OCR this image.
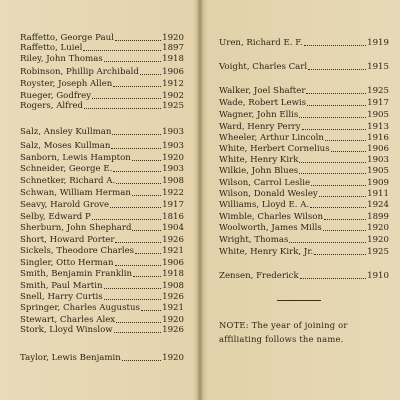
Raffetto, George Paul	1920
Raffetto, Luiel	1897
Riley, John Thomas	1918
Robinson, Phillip Archibald	1906
Royster, Joseph Allen	1912
Rueger, Godfrey	1902
Rogers, Alfred	1925
Salz, Ansley Kullman	1903
Salz, Moses Kullman	1903
Sanborn, Lewis Hampton	1920
Schneider, George E.	1903
Schnetker, Richard A.	1908
Schwan, William Herman	1922
Seavy, Harold Grove	1917
Selby, Edward P	1816
Sherburn, John Shephard	1904
Short, Howard Porter	1926
Sickels, Theodore Charles	1921
Singler, Otto Herman	1906
Smith, Benjamin Franklin	1918
Smith, Paul Martin	1908
Snell, Harry Curtis	1926
Springer, Charles Augustus	1921
Stewart, Charles Alex	1920
Stork, Lloyd Winslow	1926
Taylor, Lewis Benjamin	1920
NOTE: The year of joining or affiliating follows the name.
Uren, Richard E. F.	1919
Voight, Charles Carl	1915
Walker, Joel Shafter	1925
Wade, Robert Lewis	1917
Wagner, John Ellis	1905
Ward, Henry Perry	1913
Wheeler, Arthur Lincoln	1916
White, Herbert Cornelius	1906
White, Henry Kirk	1903
Wilkie, John Blues	1905
Wilson, Carrol Leslie	1909
Wilson, Donald Wesley	1911
Williams, Lloyd E. A.	1924
Wimble, Charles Wilson	1899
Woolworth, James Mills	1920
Wright, Thomas	1920
White, Henry Kirk, Jr.	1925
Zensen, Frederick	1910
